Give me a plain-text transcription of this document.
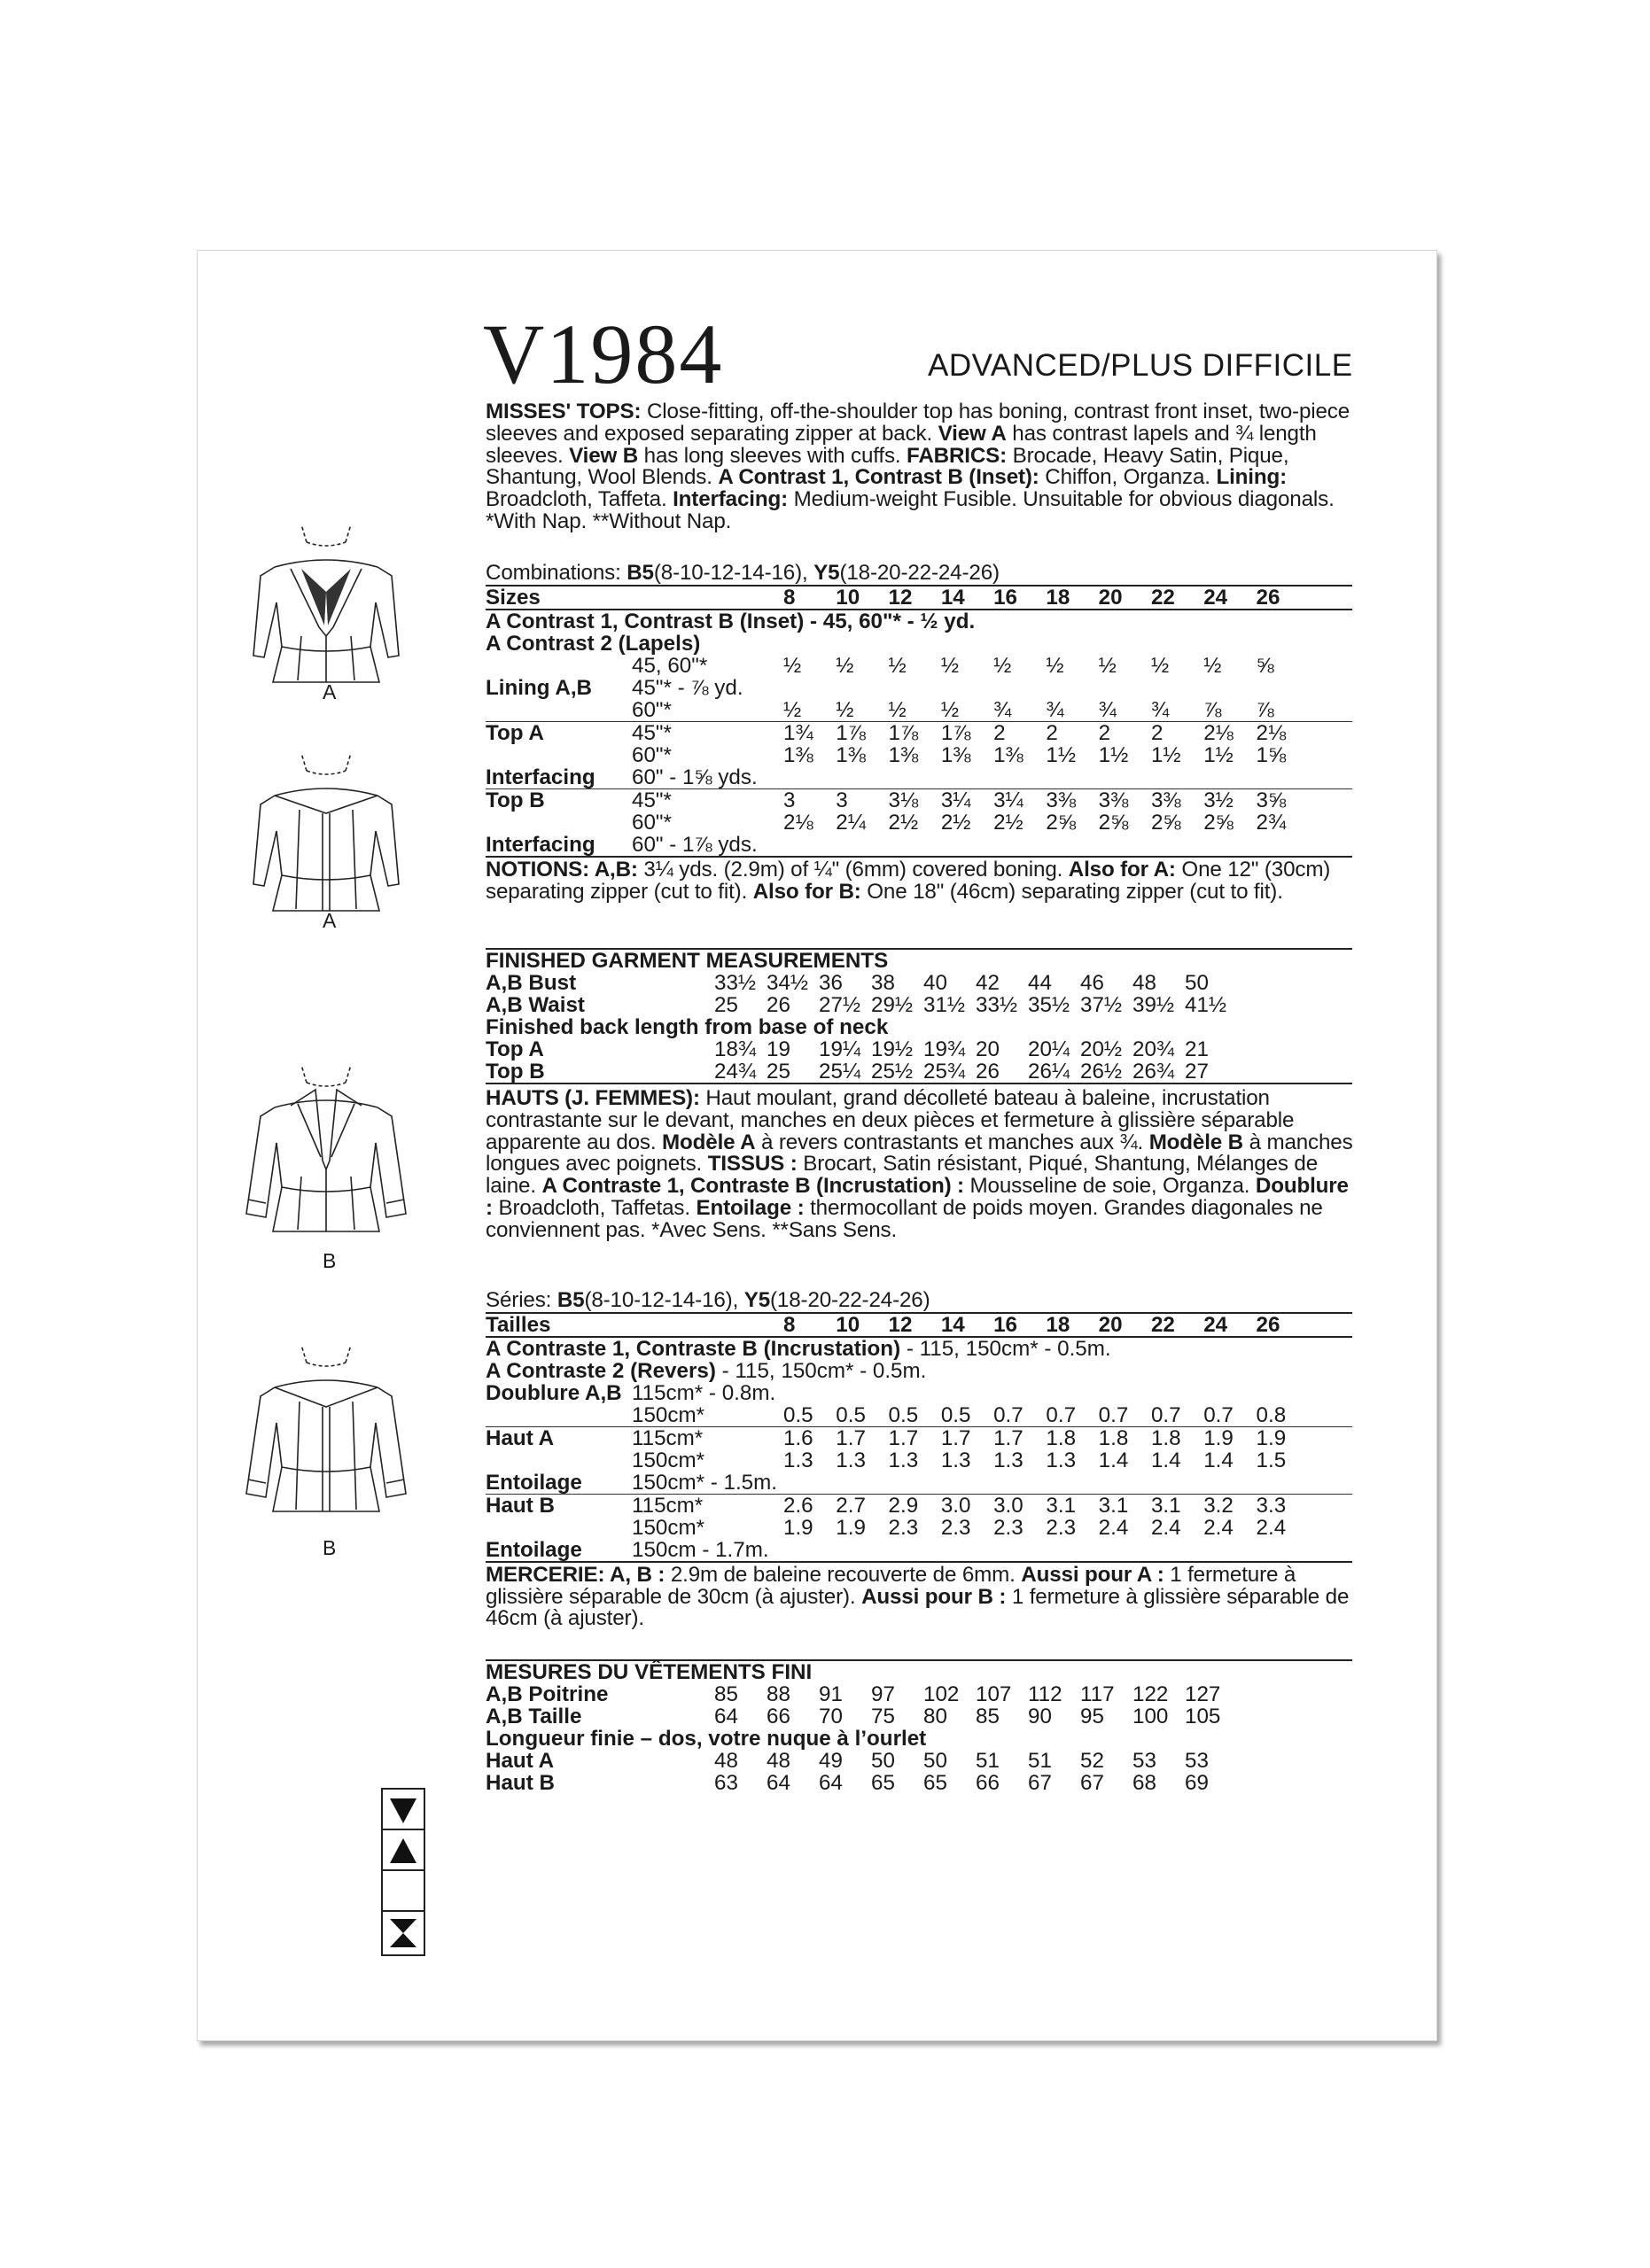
V1984	ADVANCED/PLUS DIFFICILE
A
A
B
B
MISSES' TOPS: Close-fitting, off-the-shoulder top has boning, contrast front inset, two-piece sleeves and exposed separating zipper at back. View A has contrast lapels and ¾ length sleeves. View B has long sleeves with cuffs. FABRICS: Brocade, Heavy Satin, Pique, Shantung, Wool Blends. A Contrast 1, Contrast B (Inset): Chiffon, Organza. Lining: Broadcloth, Taffeta. Interfacing: Medium-weight Fusible. Unsuitable for obvious diagonals. *With Nap. **Without Nap.
Combinations: B5(8-10-12-14-16), Y5(18-20-22-24-26)
Sizes	8	10	12	14	16	18	20	22	24	26
A Contrast 1, Contrast B (Inset) - 45, 60"* - ½ yd.
A Contrast 2 (Lapels)
45, 60"*	½	½	½	½	½	½	½	½	½	⅝
Lining A,B 45"* - ⅞ yd.
60"*	½	½	½	½	¾	¾	¾	¾	⅞	⅞
Top A	45"*	1¾	1⅞	1⅞	1⅞	2	2	2	2	2⅛	2⅛
60"*	1⅜	1⅜	1⅜	1⅜	1⅜	1½	1½	1½	1½	1⅝
Interfacing 60" - 1⅝ yds.
Top B	45"*	3	3	3⅛	3¼	3¼	3⅜	3⅜	3⅜	3½	3⅝
60"*	2⅛	2¼	2½	2½	2½	2⅝	2⅝	2⅝	2⅝	2¾
Interfacing 60" - 1⅞ yds.
NOTIONS: A,B: 3¼ yds. (2.9m) of ¼" (6mm) covered boning. Also for A: One 12" (30cm) separating zipper (cut to fit). Also for B: One 18" (46cm) separating zipper (cut to fit).
FINISHED GARMENT MEASUREMENTS
A,B Bust	33½ 34½ 36	38	40	42	44	46	48	50
A,B Waist	25	26	27½ 29½ 31½ 33½ 35½ 37½ 39½ 41½
Finished back length from base of neck
Top A	18¾ 19	19¼ 19½ 19¾ 20	20¼ 20½ 20¾ 21
Top B	24¾ 25	25¼ 25½ 25¾ 26	26¼ 26½ 26¾ 27
HAUTS (J. FEMMES): Haut moulant, grand décolleté bateau à baleine, incrustation contrastante sur le devant, manches en deux pièces et fermeture à glissière séparable apparente au dos. Modèle A à revers contrastants et manches aux ¾. Modèle B à manches longues avec poignets. TISSUS : Brocart, Satin résistant, Piqué, Shantung, Mélanges de laine. A Contraste 1, Contraste B (Incrustation) : Mousseline de soie, Organza. Doublure : Broadcloth, Taffetas. Entoilage : thermocollant de poids moyen. Grandes diagonales ne conviennent pas. *Avec Sens. **Sans Sens.
Séries: B5(8-10-12-14-16), Y5(18-20-22-24-26)
Tailles	8	10	12	14	16	18	20	22	24	26
A Contraste 1, Contraste B (Incrustation) - 115, 150cm* - 0.5m.
A Contraste 2 (Revers) - 115, 150cm* - 0.5m.
Doublure A,B 115cm* - 0.8m.
150cm*	0.5	0.5	0.5	0.5	0.7	0.7	0.7	0.7	0.7	0.8
Haut A	115cm*	1.6	1.7	1.7	1.7	1.7	1.8	1.8	1.8	1.9	1.9
150cm*	1.3	1.3	1.3	1.3	1.3	1.3	1.4	1.4	1.4	1.5
Entoilage 150cm* - 1.5m.
Haut B	115cm*	2.6	2.7	2.9	3.0	3.0	3.1	3.1	3.1	3.2	3.3
150cm*	1.9	1.9	2.3	2.3	2.3	2.3	2.4	2.4	2.4	2.4
Entoilage 150cm - 1.7m.
MERCERIE: A, B : 2.9m de baleine recouverte de 6mm. Aussi pour A : 1 fermeture à glissière séparable de 30cm (à ajuster). Aussi pour B : 1 fermeture à glissière séparable de 46cm (à ajuster).
MESURES DU VÊTEMENTS FINI
A,B Poitrine	85	88	91	97	102 107 112 117 122 127
A,B Taille	64	66	70	75	80	85	90	95	100 105
Longueur finie – dos, votre nuque à l’ourlet
Haut A	48	48	49	50	50	51	51	52	53	53
Haut B	63	64	64	65	65	66	67	67	68	69
